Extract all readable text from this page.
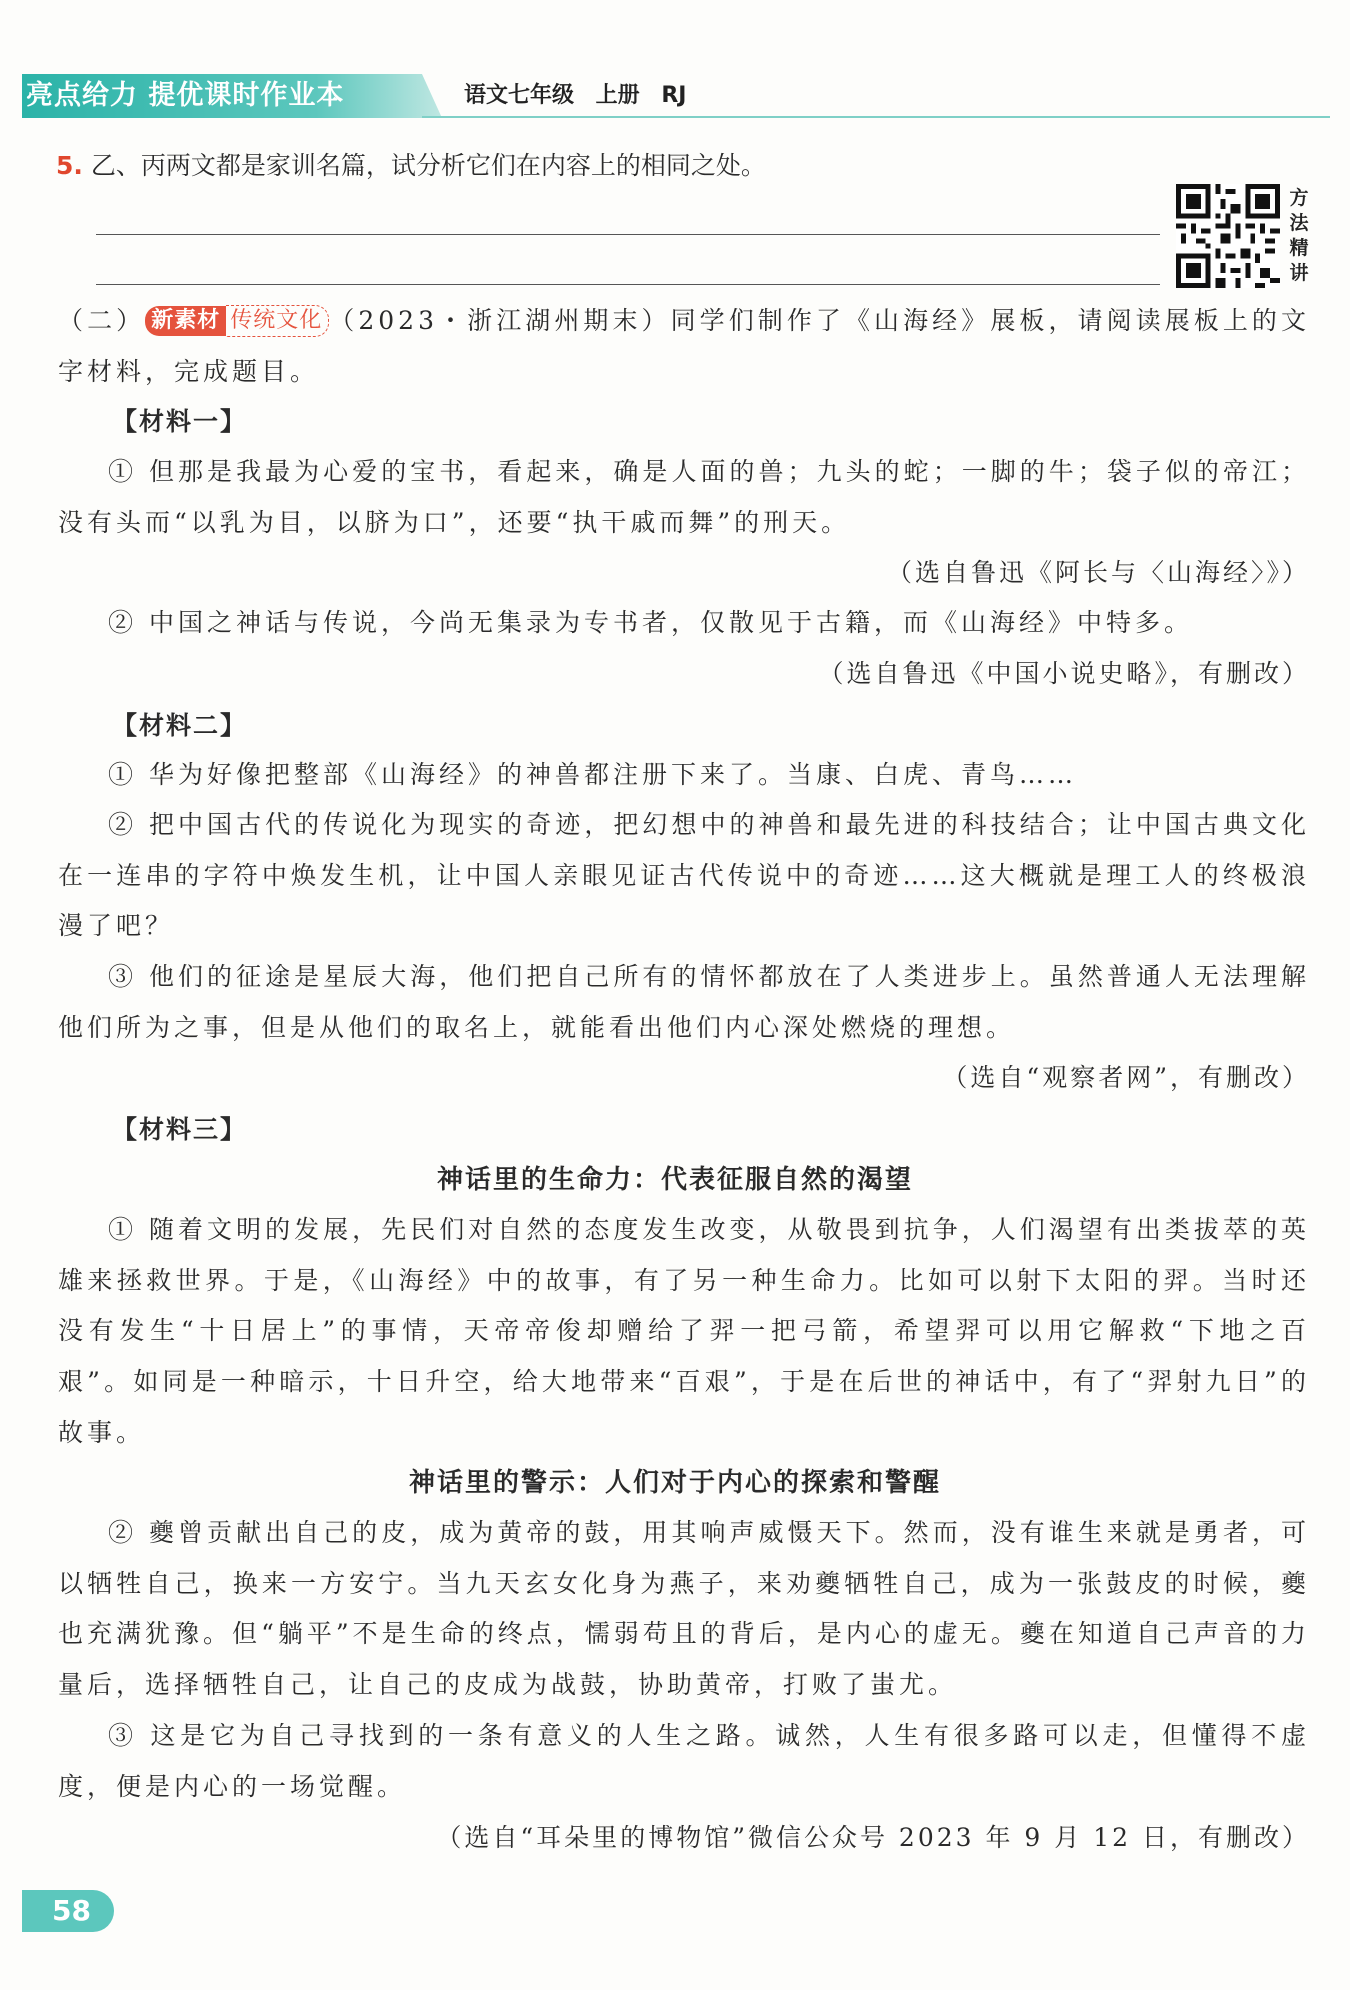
亮点给力 提优课时作业本	语文七年级 上册 RJ
5. 乙、丙两文都是家训名篇，试分析它们在内容上的相同之处。
方法精讲

（二） 新素材 传统文化 （2023・浙江湖州期末）同学们制作了《山海经》展板，请阅读展板上的文字材料，完成题目。

【材料一】

① 但那是我最为心爱的宝书，看起来，确是人面的兽；九头的蛇；一脚的牛；袋子似的帝江；没有头而“以乳为目，以脐为口”，还要“执干戚而舞”的刑天。

（选自鲁迅《阿长与〈山海经〉》）

② 中国之神话与传说，今尚无集录为专书者，仅散见于古籍，而《山海经》中特多。

（选自鲁迅《中国小说史略》，有删改）
【材料二】

① 华为好像把整部《山海经》的神兽都注册下来了。当康、白虎、青鸟……

② 把中国古代的传说化为现实的奇迹，把幻想中的神兽和最先进的科技结合；让中国古典文化在一连串的字符中焕发生机，让中国人亲眼见证古代传说中的奇迹……这大概就是理工人的终极浪漫了吧？

③ 他们的征途是星辰大海，他们把自己所有的情怀都放在了人类进步上。虽然普通人无法理解他们所为之事，但是从他们的取名上，就能看出他们内心深处燃烧的理想。

（选自“观察者网”，有删改）
【材料三】
神话里的生命力：代表征服自然的渴望

① 随着文明的发展，先民们对自然的态度发生改变，从敬畏到抗争，人们渴望有出类拔萃的英雄来拯救世界。于是，《山海经》中的故事，有了另一种生命力。比如可以射下太阳的羿。当时还没有发生“十日居上”的事情，天帝帝俊却赠给了羿一把弓箭，希望羿可以用它解救“下地之百艰”。如同是一种暗示，十日升空，给大地带来“百艰”，于是在后世的神话中，有了“羿射九日”的故事。

神话里的警示：人们对于内心的探索和警醒

② 夔曾贡献出自己的皮，成为黄帝的鼓，用其响声威慑天下。然而，没有谁生来就是勇者，可以牺牲自己，换来一方安宁。当九天玄女化身为燕子，来劝夔牺牲自己，成为一张鼓皮的时候，夔也充满犹豫。但“躺平”不是生命的终点，懦弱苟且的背后，是内心的虚无。夔在知道自己声音的力量后，选择牺牲自己，让自己的皮成为战鼓，协助黄帝，打败了蚩尤。

③ 这是它为自己寻找到的一条有意义的人生之路。诚然，人生有很多路可以走，但懂得不虚度，便是内心的一场觉醒。

（选自“耳朵里的博物馆”微信公众号 2023 年 9 月 12 日，有删改）
58
